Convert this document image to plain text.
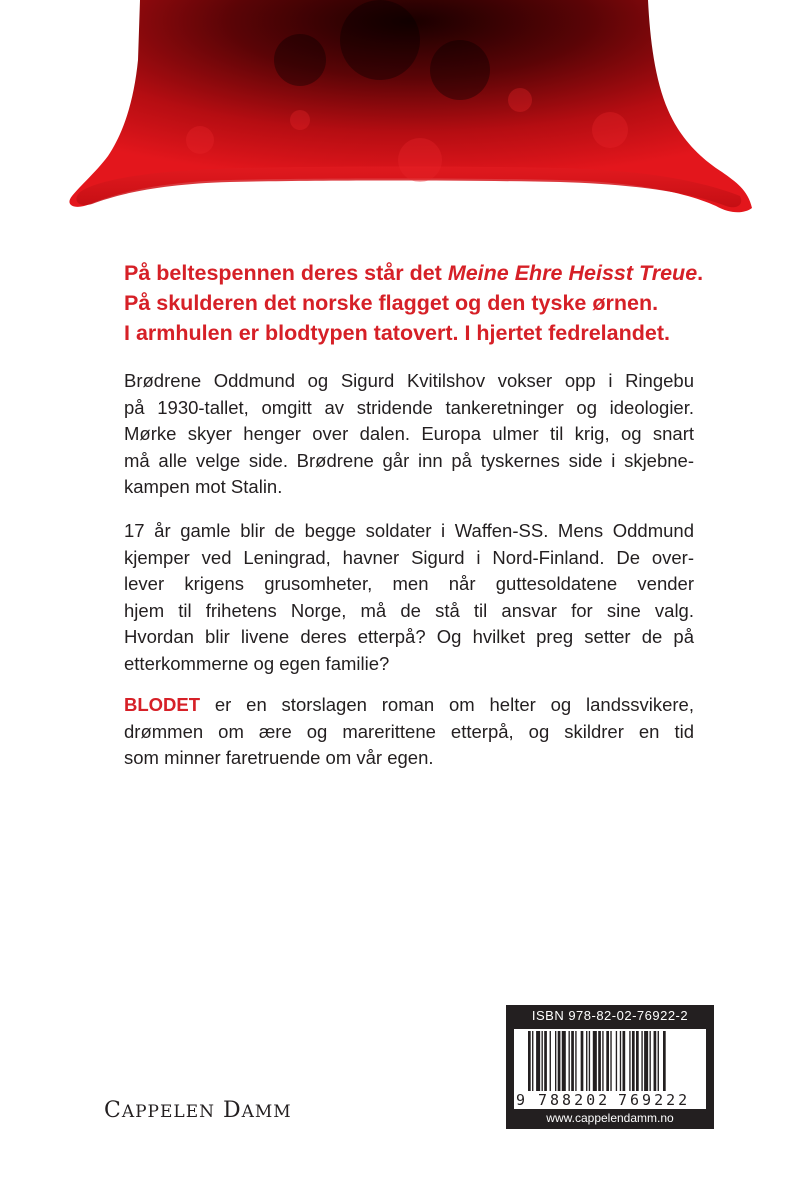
På beltespennen deres står det Meine Ehre Heisst Treue.
På skulderen det norske flagget og den tyske ørnen.
I armhulen er blodtypen tatovert. I hjertet fedrelandet.
Brødrene Oddmund og Sigurd Kvitilshov vokser opp i Ringebu
på 1930-tallet, omgitt av stridende tankeretninger og ideologier.
Mørke skyer henger over dalen. Europa ulmer til krig, og snart
må alle velge side. Brødrene går inn på tyskernes side i skjebne-
kampen mot Stalin.
17 år gamle blir de begge soldater i Waffen-SS. Mens Oddmund
kjemper ved Leningrad, havner Sigurd i Nord-Finland. De over-
lever krigens grusomheter, men når guttesoldatene vender
hjem til frihetens Norge, må de stå til ansvar for sine valg.
Hvordan blir livene deres etterpå? Og hvilket preg setter de på
etterkommerne og egen familie?
BLODET er en storslagen roman om helter og landssvikere,
drømmen om ære og marerittene etterpå, og skildrer en tid
som minner faretruende om vår egen.
CAPPELEN DAMM
ISBN 978-82-02-76922-2
9 788202 769222
www.cappelendamm.no
